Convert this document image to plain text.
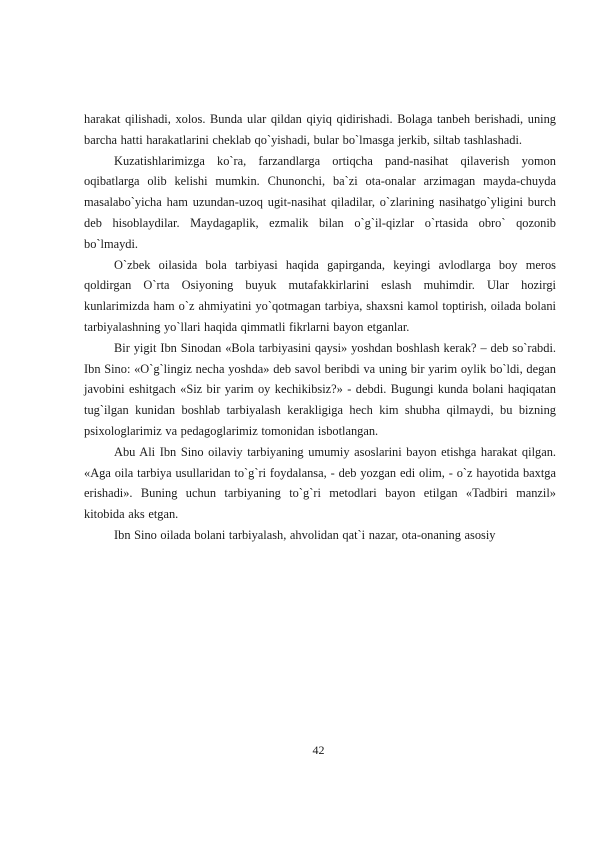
harakat qilishadi, xolos. Bunda ular qildan qiyiq qidirishadi. Bolaga tanbeh berishadi, uning barcha hatti harakatlarini cheklab qo`yishadi, bular bo`lmasga jerkib, siltab tashlashadi.

Kuzatishlarimizga ko`ra, farzandlarga ortiqcha pand-nasihat qilaverish yomon oqibatlarga olib kelishi mumkin. Chunonchi, ba`zi ota-onalar arzimagan mayda-chuyda masalabo`yicha ham uzundan-uzoq ugit-nasihat qiladilar, o`zlarining nasihatgo`yligini burch deb hisoblaydilar. Maydagaplik, ezmalik bilan o`g`il-qizlar o`rtasida obro` qozonib bo`lmaydi.

O`zbek oilasida bola tarbiyasi haqida gapirganda, keyingi avlodlarga boy meros qoldirgan O`rta Osiyoning buyuk mutafakkirlarini eslash muhimdir. Ular hozirgi kunlarimizda ham o`z ahmiyatini yo`qotmagan tarbiya, shaxsni kamol toptirish, oilada bolani tarbiyalashning yo`llari haqida qimmatli fikrlarni bayon etganlar.

Bir yigit Ibn Sinodan «Bola tarbiyasini qaysi» yoshdan boshlash kerak? – deb so`rabdi. Ibn Sino: «O`g`lingiz necha yoshda» deb savol beribdi va uning bir yarim oylik bo`ldi, degan javobini eshitgach «Siz bir yarim oy kechikibsiz?» - debdi. Bugungi kunda bolani haqiqatan tug`ilgan kunidan boshlab tarbiyalash kerakligiga hech kim shubha qilmaydi, bu bizning psixologlarimiz va pedagoglarimiz tomonidan isbotlangan.

Abu Ali Ibn Sino oilaviy tarbiyaning umumiy asoslarini bayon etishga harakat qilgan. «Aga oila tarbiya usullaridan to`g`ri foydalansa, - deb yozgan edi olim, - o`z hayotida baxtga erishadi». Buning uchun tarbiyaning to`g`ri metodlari bayon etilgan «Tadbiri manzil» kitobida aks etgan.

Ibn Sino oilada bolani tarbiyalash, ahvolidan qat`i nazar, ota-onaning asosiy

42
